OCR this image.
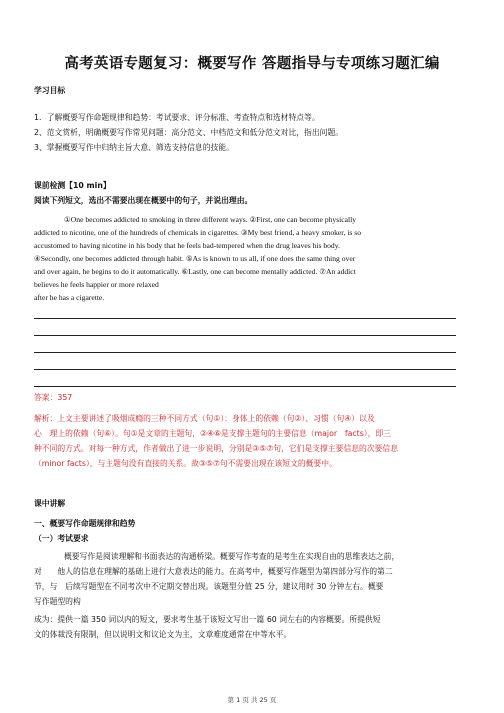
高考英语专题复习：概要写作 答题指导与专项练习题汇编
学习目标
1．了解概要写作命题规律和趋势：考试要求、评分标准、考查特点和选材特点等。
2、范文赏析，明确概要写作常见问题：高分范文、中档范文和低分范文对比，指出问题。
3、掌握概要写作中归纳主旨大意、筛选支持信息的技能。
课前检测【10 min】
阅读下列短文，选出不需要出现在概要中的句子，并说出理由。
①One becomes addicted to smoking in three different ways. ②First, one can become physically
addicted to nicotine, one of the hundreds of chemicals in cigarettes. ③My best friend, a heavy smoker, is so
accustomed to having nicotine in his body that he feels bad-tempered when the drug leaves his body.
④Secondly, one becomes addicted through habit. ⑤As is known to us all, if one does the same thing over
and over again, he begins to do it automatically. ⑥Lastly, one can become mentally addicted. ⑦An addict
believes he feels happier or more relaxed
after he has a cigarette.
答案：357
解析：上文主要讲述了吸烟成瘾的三种不同方式（句①）：身体上的依赖（句②）、习惯（句④）以及
心　理上的依赖（句⑥）。句①是文章的主题句，②④⑥是支撑主题句的主要信息（major　facts），即三
种不同的方式。对每一种方式，作者做出了进一步说明，分别是③⑤⑦句，它们是支撑主要信息的次要信息
（minor facts），与主题句没有直接的关系。故③⑤⑦句不需要出现在该短文的概要中。
课中讲解
一、概要写作命题规律和趋势
（一）考试要求
概要写作是阅读理解和书面表达的沟通桥梁。概要写作考查的是考生在实现自由的思维表达之前，
对　　他人的信息在理解的基础上进行大意表达的能力。在高考中，概要写作题型为第四部分写作的第二
节，与　后续写题型在不同考次中不定期交替出现。该题型分值 25 分，建议用时 30 分钟左右。概要
写作题型的构
成为：提供一篇 350 词以内的短文，要求考生基于该短文写出一篇 60 词左右的内容概要。所提供短
文的体裁没有限制，但以说明文和议论文为主，文章难度通常在中等水平。
第 1 页 共 25 页
